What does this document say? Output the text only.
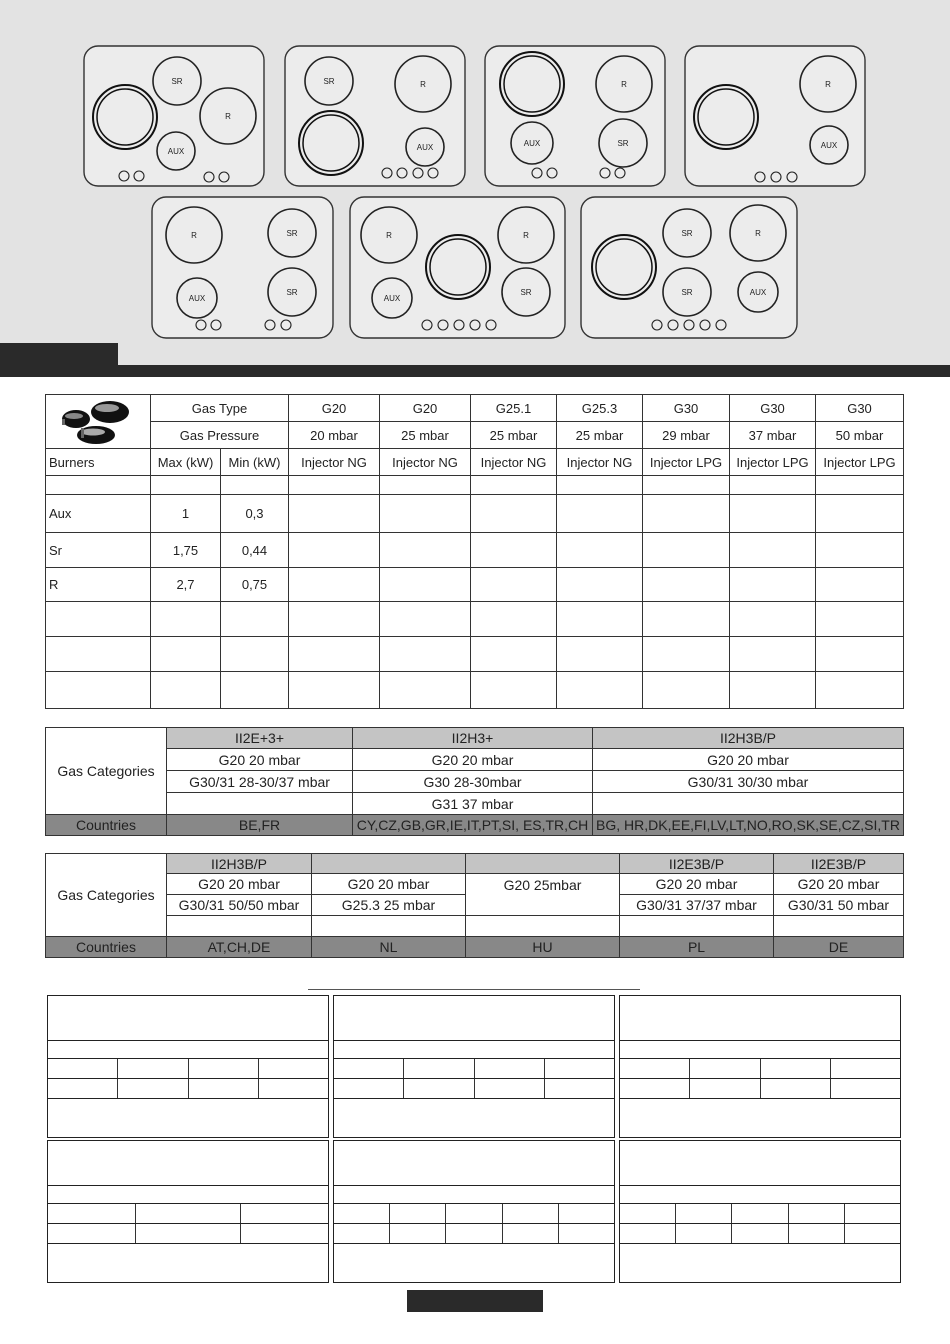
SR
R
AUX
SR	R
AUX
R
AUX	SR
R
AUX
R	SR
AUX
SR
R	R
AUX
SR
SR	R
SR	AUX
	Gas Type		G20	G20	G25.1	G25.3	G30	G30	G30
	Gas Pressure		20 mbar	25 mbar	25 mbar	25 mbar	29 mbar	37 mbar	50 mbar
Burners	Max (kW)	Min (kW)	Injector NG	Injector NG	Injector NG	Injector NG	Injector LPG	Injector LPG	Injector LPG

Aux	1	0,3							
Sr	1,75	0,44							
R	2,7	0,75							

Gas Categories	II2E+3+	II2H3+	II2H3B/P
	G20 20 mbar	G20 20 mbar	G20 20 mbar
	G30/31 28-30/37 mbar	G30 28-30mbar	G30/31 30/30 mbar
		G31 37 mbar	
Countries	BE,FR	CY,CZ,GB,GR,IE,IT,PT,SI, ES,TR,CH	BG, HR,DK,EE,FI,LV,LT,NO,RO,SK,SE,CZ,SI,TR
Gas Categories	II2H3B/P			II2E3B/P	II2E3B/P
	G20 20 mbar	G20 20 mbar	G20 25mbar	G20 20 mbar	G20 20 mbar
	G30/31 50/50 mbar	G25.3 25 mbar		G30/31 37/37 mbar	G30/31 50 mbar

Countries	AT,CH,DE	NL	HU	PL	DE
